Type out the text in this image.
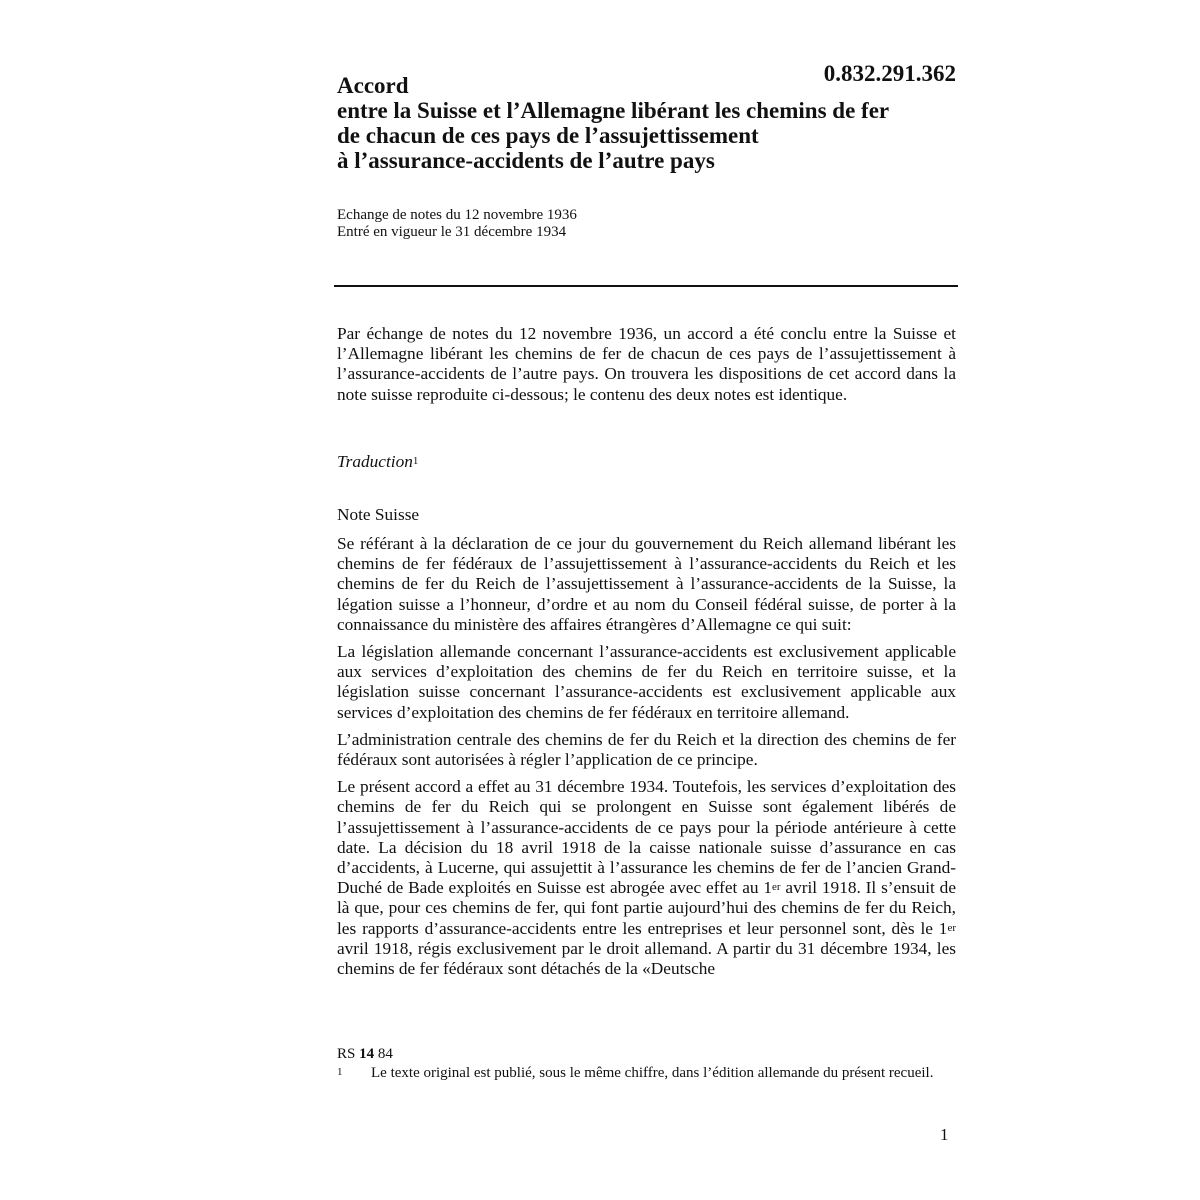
0.832.291.362
Accord
entre la Suisse et l’Allemagne libérant les chemins de fer
de chacun de ces pays de l’assujettissement
à l’assurance-accidents de l’autre pays
Echange de notes du 12 novembre 1936
Entré en vigueur le 31 décembre 1934

Par échange de notes du 12 novembre 1936, un accord a été conclu entre la Suisse et l’Allemagne libérant les chemins de fer de chacun de ces pays de l’assujettissement à l’assurance-accidents de l’autre pays. On trouvera les dispositions de cet accord dans la note suisse reproduite ci-dessous; le contenu des deux notes est identique.

Traduction$^1$
Note Suisse

Se référant à la déclaration de ce jour du gouvernement du Reich allemand libérant les chemins de fer fédéraux de l’assujettissement à l’assurance-accidents du Reich et les chemins de fer du Reich de l’assujettissement à l’assurance-accidents de la Suisse, la légation suisse a l’honneur, d’ordre et au nom du Conseil fédéral suisse, de porter à la connaissance du ministère des affaires étrangères d’Allemagne ce qui suit:

La législation allemande concernant l’assurance-accidents est exclusivement applicable aux services d’exploitation des chemins de fer du Reich en territoire suisse, et la législation suisse concernant l’assurance-accidents est exclusivement applicable aux services d’exploitation des chemins de fer fédéraux en territoire allemand.

L’administration centrale des chemins de fer du Reich et la direction des chemins de fer fédéraux sont autorisées à régler l’application de ce principe.

Le présent accord a effet au 31 décembre 1934. Toutefois, les services d’exploitation des chemins de fer du Reich qui se prolongent en Suisse sont également libérés de l’assujettissement à l’assurance-accidents de ce pays pour la période antérieure à cette date. La décision du 18 avril 1918 de la caisse nationale suisse d’assurance en cas d’accidents, à Lucerne, qui assujettit à l’assurance les chemins de fer de l’ancien Grand-Duché de Bade exploités en Suisse est abrogée avec effet au 1er avril 1918. Il s’ensuit de là que, pour ces chemins de fer, qui font partie aujourd’hui des chemins de fer du Reich, les rapports d’assurance-accidents entre les entreprises et leur personnel sont, dès le 1er avril 1918, régis exclusivement par le droit allemand. A partir du 31 décembre 1934, les chemins de fer fédéraux sont détachés de la «Deutsche

RS 14 84
1	Le texte original est publié, sous le même chiffre, dans l’édition allemande du présent recueil.
1
